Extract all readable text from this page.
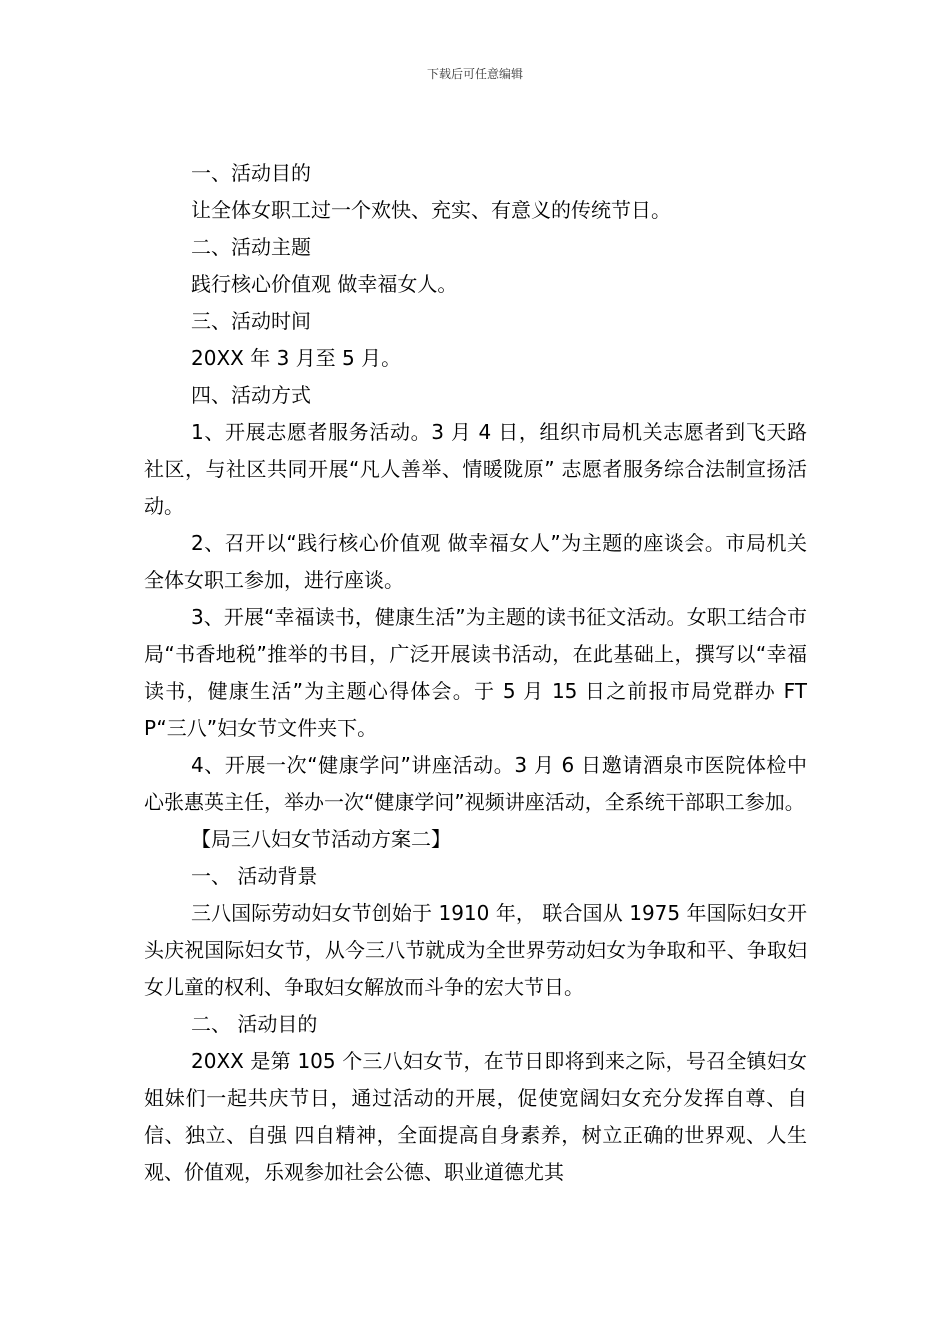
下载后可任意编辑

一、活动目的

让全体女职工过一个欢快、充实、有意义的传统节日。

二、活动主题

践行核心价值观 做幸福女人。

三、活动时间

20XX 年 3 月至 5 月。

四、活动方式

1、开展志愿者服务活动。3 月 4 日，组织市局机关志愿者到飞天路社区，与社区共同开展“凡人善举、情暖陇原” 志愿者服务综合法制宣扬活动。

2、召开以“践行核心价值观 做幸福女人”为主题的座谈会。市局机关全体女职工参加，进行座谈。

3、开展“幸福读书，健康生活”为主题的读书征文活动。女职工结合市局“书香地税”推举的书目，广泛开展读书活动，在此基础上，撰写以“幸福读书，健康生活”为主题心得体会。于 5 月 15 日之前报市局党群办 FTP“三八”妇女节文件夹下。

4、开展一次“健康学问”讲座活动。3 月 6 日邀请酒泉市医院体检中心张惠英主任，举办一次“健康学问”视频讲座活动，全系统干部职工参加。

【局三八妇女节活动方案二】

一、 活动背景

三八国际劳动妇女节创始于 1910 年， 联合国从 1975 年国际妇女开头庆祝国际妇女节，从今三八节就成为全世界劳动妇女为争取和平、争取妇女儿童的权利、争取妇女解放而斗争的宏大节日。

二、 活动目的

20XX 是第 105 个三八妇女节，在节日即将到来之际，号召全镇妇女姐妹们一起共庆节日，通过活动的开展，促使宽阔妇女充分发挥自尊、自信、独立、自强 四自精神，全面提高自身素养，树立正确的世界观、人生观、价值观，乐观参加社会公德、职业道德尤其
